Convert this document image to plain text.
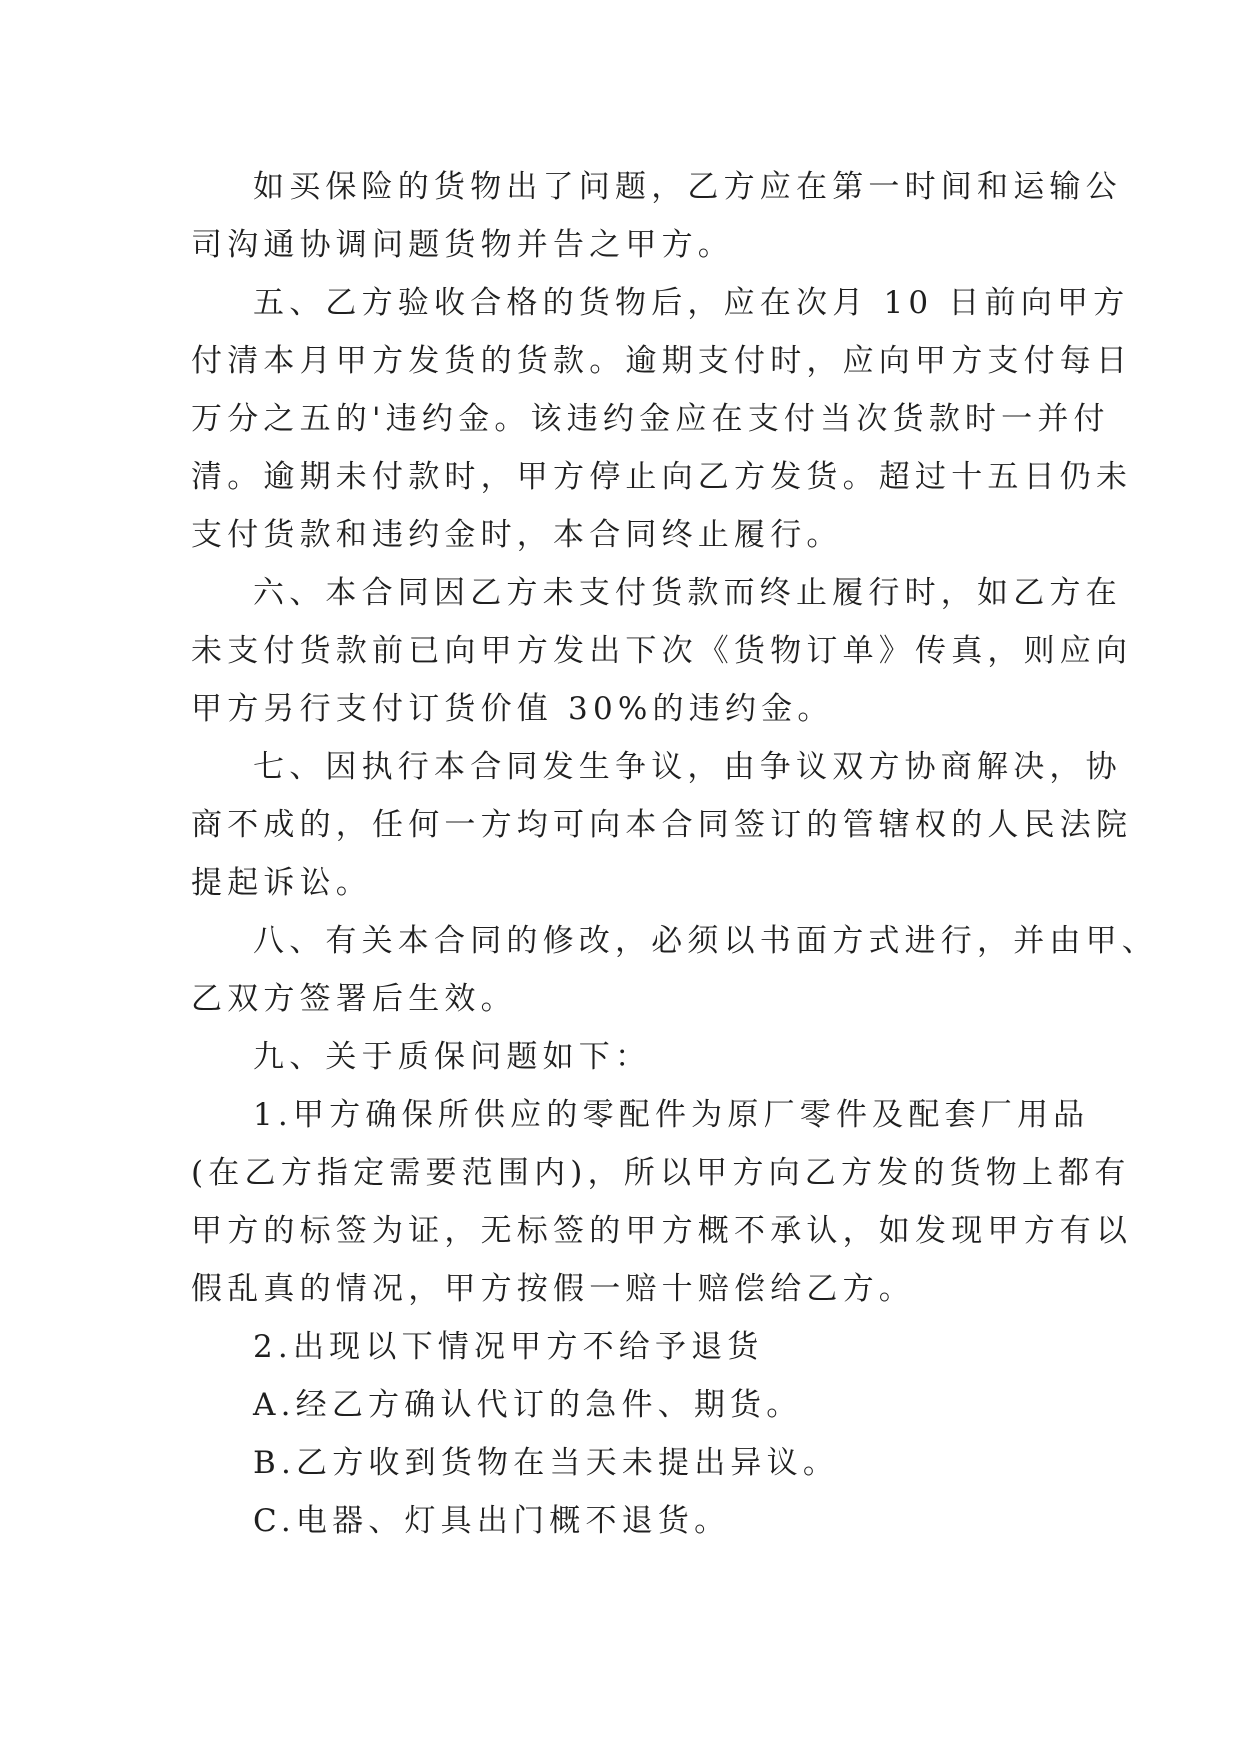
如买保险的货物出了问题，乙方应在第一时间和运输公
司沟通协调问题货物并告之甲方。
五、乙方验收合格的货物后，应在次月 10 日前向甲方
付清本月甲方发货的货款。逾期支付时，应向甲方支付每日
万分之五的'违约金。该违约金应在支付当次货款时一并付
清。逾期未付款时，甲方停止向乙方发货。超过十五日仍未
支付货款和违约金时，本合同终止履行。
六、本合同因乙方未支付货款而终止履行时，如乙方在
未支付货款前已向甲方发出下次《货物订单》传真，则应向
甲方另行支付订货价值 30%的违约金。
七、因执行本合同发生争议，由争议双方协商解决，协
商不成的，任何一方均可向本合同签订的管辖权的人民法院
提起诉讼。
八、有关本合同的修改，必须以书面方式进行，并由甲、
乙双方签署后生效。
九、关于质保问题如下：
1.甲方确保所供应的零配件为原厂零件及配套厂用品
(在乙方指定需要范围内)，所以甲方向乙方发的货物上都有
甲方的标签为证，无标签的甲方概不承认，如发现甲方有以
假乱真的情况，甲方按假一赔十赔偿给乙方。
2.出现以下情况甲方不给予退货
A.经乙方确认代订的急件、期货。
B.乙方收到货物在当天未提出异议。
C.电器、灯具出门概不退货。
